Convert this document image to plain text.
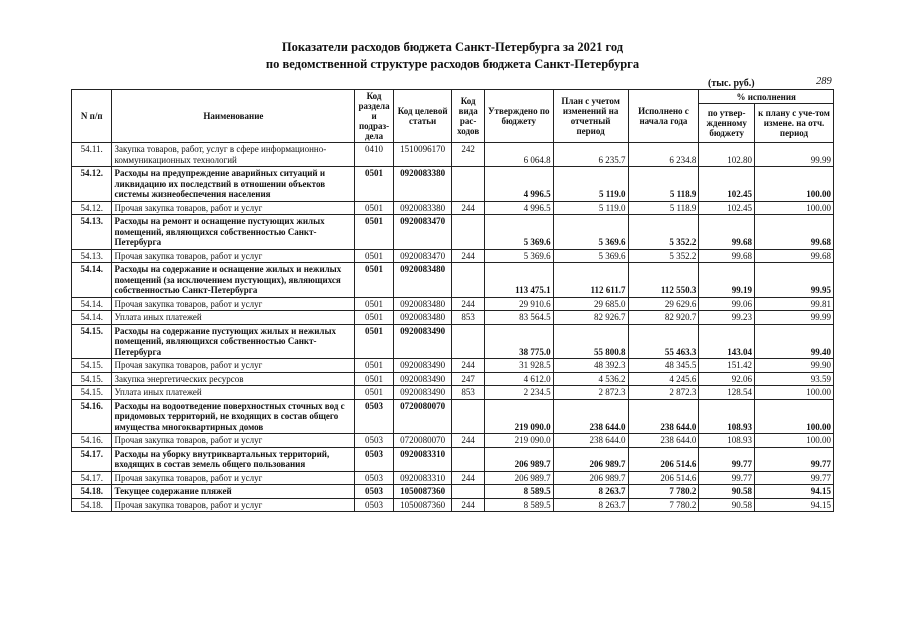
Показатели расходов бюджета Санкт-Петербурга за 2021 год
по ведомственной структуре расходов бюджета Санкт-Петербурга
(тыс. руб.)	289
N п/п	Наименование	Код раздела и подраз-дела	Код целевой статьи	Код вида рас-ходов	Утверждено по бюджету	План с учетом изменений на отчетный период	Исполнено с начала года	% исполнения	
								по утвер-жденному бюджету	к плану с уче-том измене. на отч. период
54.11.	Закупка товаров, работ, услуг в сфере информационно-коммуникационных технологий	0410	1510096170	242	6 064.8	6 235.7	6 234.8	102.80	99.99
54.12.	Расходы на предупреждение аварийных ситуаций и ликвидацию их последствий в отношении объектов системы жизнеобеспечения населения	0501	0920083380		4 996.5	5 119.0	5 118.9	102.45	100.00
54.12.	Прочая закупка товаров, работ и услуг	0501	0920083380	244	4 996.5	5 119.0	5 118.9	102.45	100.00
54.13.	Расходы на ремонт и оснащение пустующих жилых помещений, являющихся собственностью Санкт-Петербурга	0501	0920083470		5 369.6	5 369.6	5 352.2	99.68	99.68
54.13.	Прочая закупка товаров, работ и услуг	0501	0920083470	244	5 369.6	5 369.6	5 352.2	99.68	99.68
54.14.	Расходы на содержание и оснащение жилых и нежилых помещений (за исключением пустующих), являющихся собственностью Санкт-Петербурга	0501	0920083480		113 475.1	112 611.7	112 550.3	99.19	99.95
54.14.	Прочая закупка товаров, работ и услуг	0501	0920083480	244	29 910.6	29 685.0	29 629.6	99.06	99.81
54.14.	Уплата иных платежей	0501	0920083480	853	83 564.5	82 926.7	82 920.7	99.23	99.99
54.15.	Расходы на содержание пустующих жилых и нежилых помещений, являющихся собственностью Санкт-Петербурга	0501	0920083490		38 775.0	55 800.8	55 463.3	143.04	99.40
54.15.	Прочая закупка товаров, работ и услуг	0501	0920083490	244	31 928.5	48 392.3	48 345.5	151.42	99.90
54.15.	Закупка энергетических ресурсов	0501	0920083490	247	4 612.0	4 536.2	4 245.6	92.06	93.59
54.15.	Уплата иных платежей	0501	0920083490	853	2 234.5	2 872.3	2 872.3	128.54	100.00
54.16.	Расходы на водоотведение поверхностных сточных вод с придомовых территорий, не входящих в состав общего имущества многоквартирных домов	0503	0720080070		219 090.0	238 644.0	238 644.0	108.93	100.00
54.16.	Прочая закупка товаров, работ и услуг	0503	0720080070	244	219 090.0	238 644.0	238 644.0	108.93	100.00
54.17.	Расходы на уборку внутриквартальных территорий, входящих в состав земель общего пользования	0503	0920083310		206 989.7	206 989.7	206 514.6	99.77	99.77
54.17.	Прочая закупка товаров, работ и услуг	0503	0920083310	244	206 989.7	206 989.7	206 514.6	99.77	99.77
54.18.	Текущее содержание пляжей	0503	1050087360		8 589.5	8 263.7	7 780.2	90.58	94.15
54.18.	Прочая закупка товаров, работ и услуг	0503	1050087360	244	8 589.5	8 263.7	7 780.2	90.58	94.15
